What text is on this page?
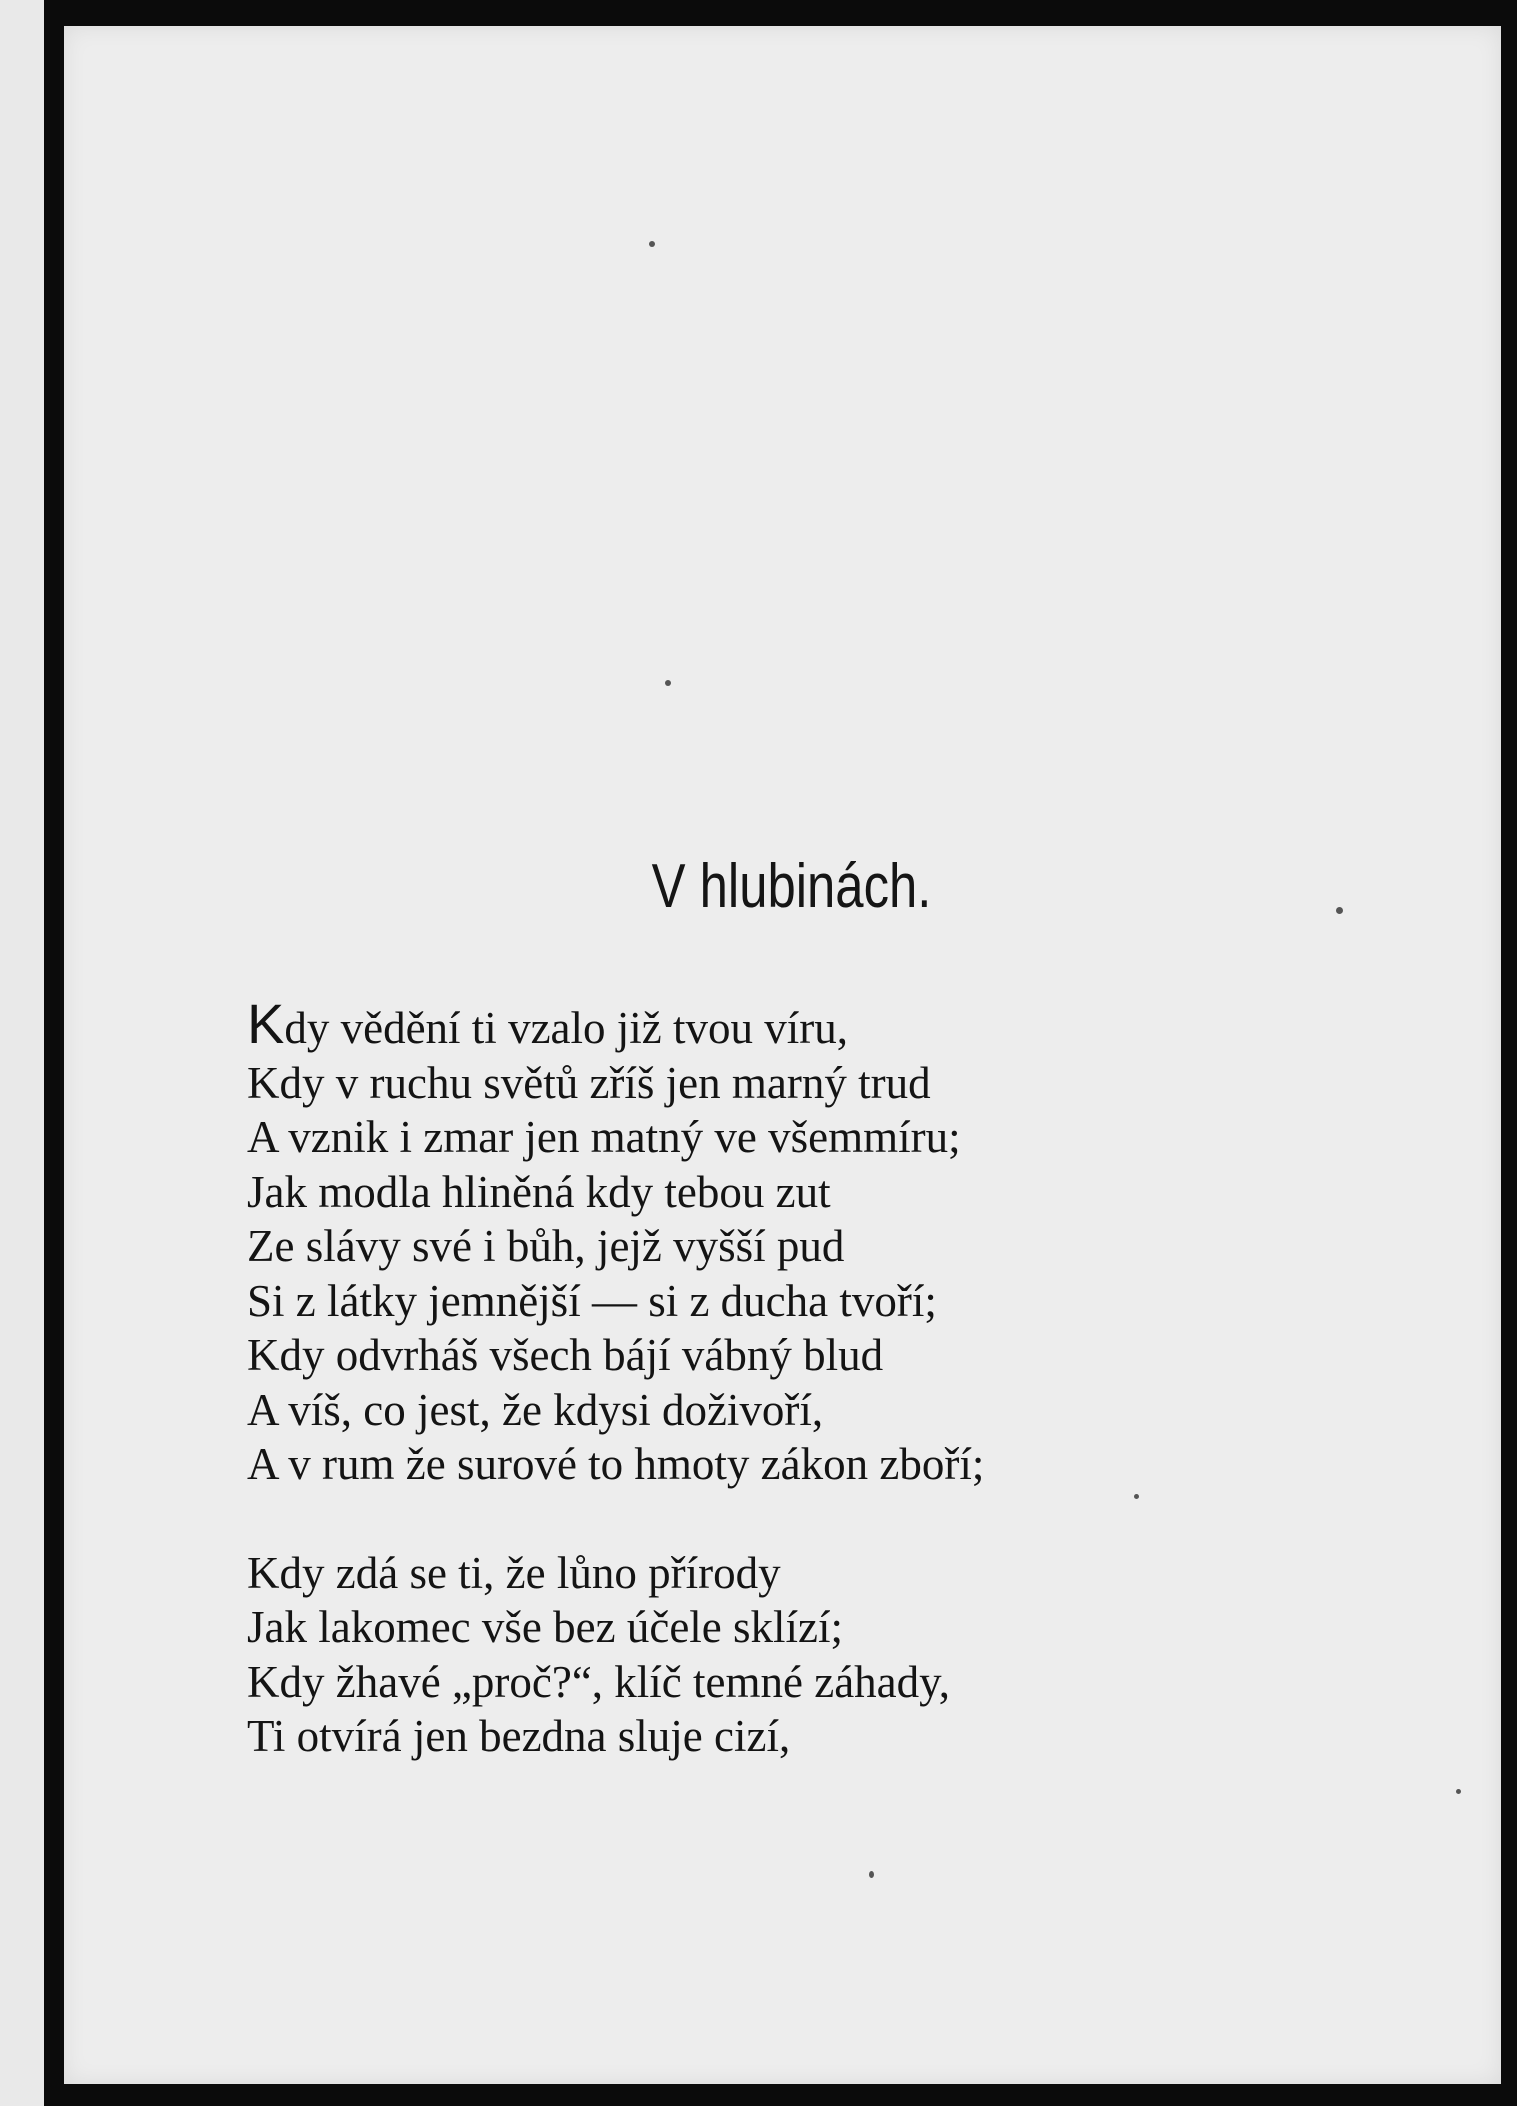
V hlubinách.
Kdy vědění ti vzalo již tvou víru,
Kdy v ruchu světů zříš jen marný trud
A vznik i zmar jen matný ve všemmíru;
Jak modla hliněná kdy tebou zut
Ze slávy své i bůh, jejž vyšší pud
Si z látky jemnější — si z ducha tvoří;
Kdy odvrháš všech bájí vábný blud
A víš, co jest, že kdysi doživoří,
A v rum že surové to hmoty zákon zboří;
Kdy zdá se ti, že lůno přírody
Jak lakomec vše bez účele sklízí;
Kdy žhavé „proč?“, klíč temné záhady,
Ti otvírá jen bezdna sluje cizí,
